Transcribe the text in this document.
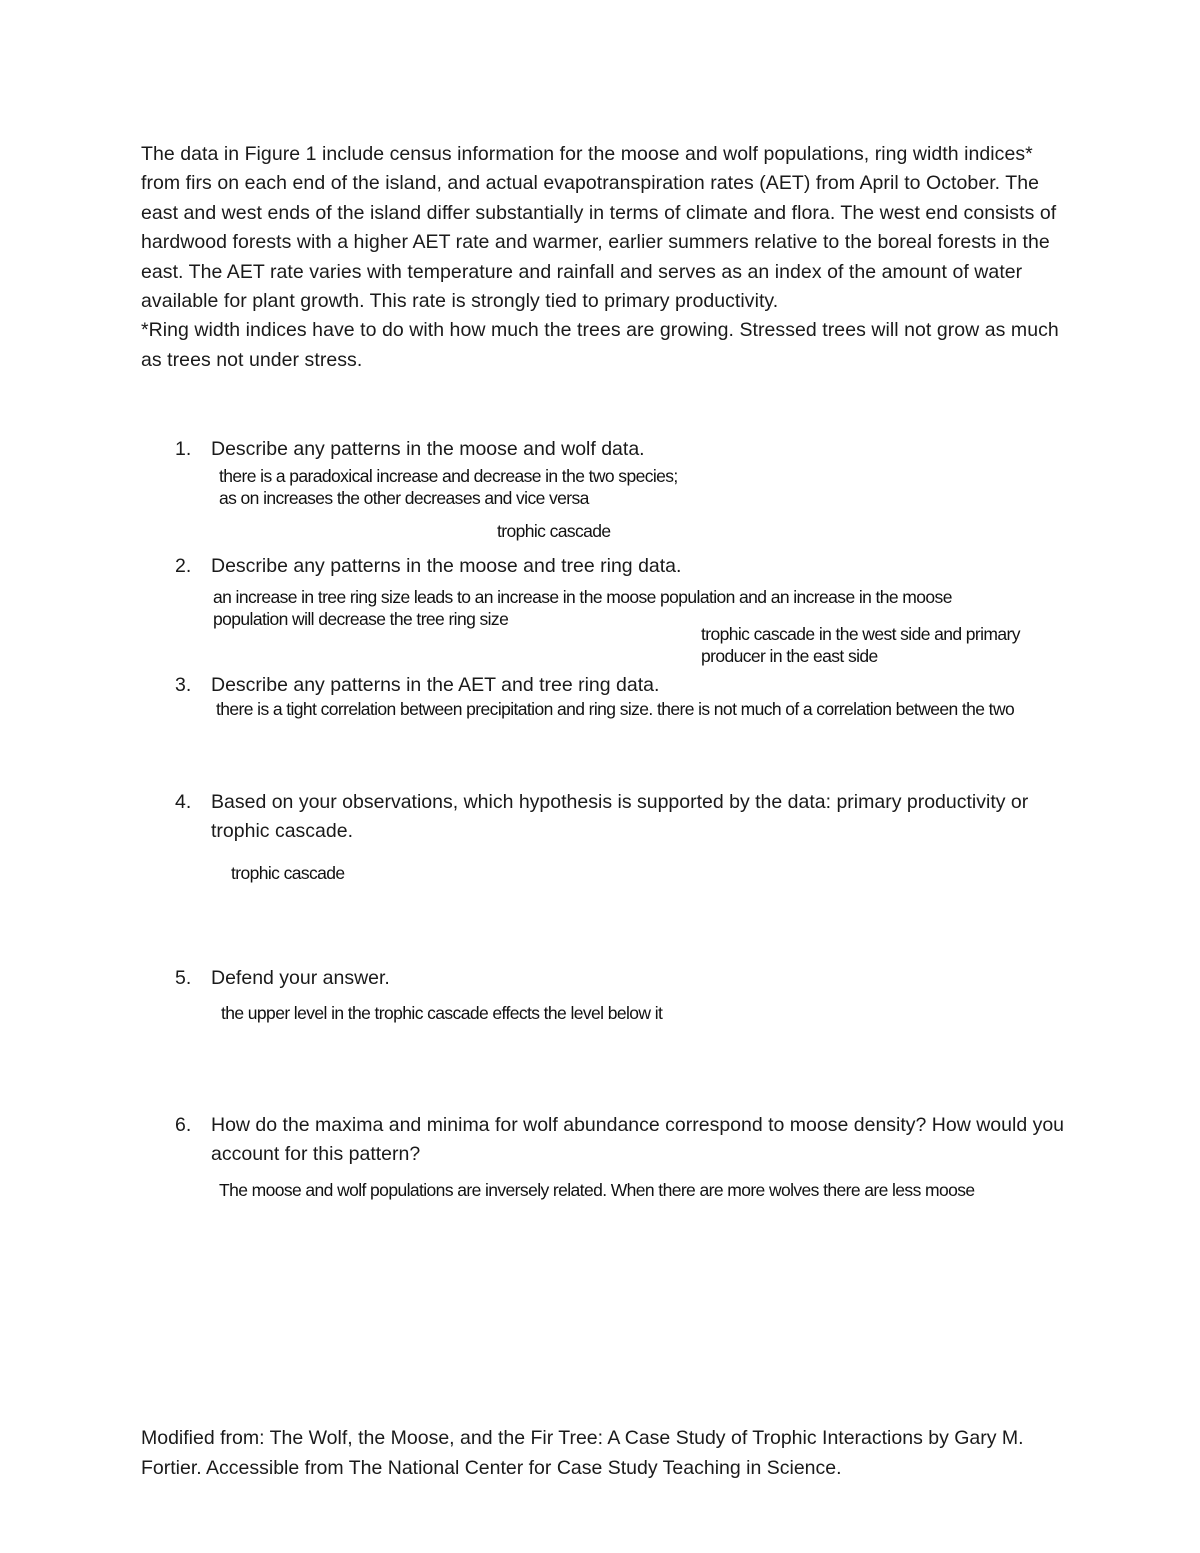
The data in Figure 1 include census information for the moose and wolf populations, ring width indices* from firs on each end of the island, and actual evapotranspiration rates (AET) from April to October. The east and west ends of the island differ substantially in terms of climate and flora. The west end consists of hardwood forests with a higher AET rate and warmer, earlier summers relative to the boreal forests in the east. The AET rate varies with temperature and rainfall and serves as an index of the amount of water available for plant growth. This rate is strongly tied to primary productivity.

*Ring width indices have to do with how much the trees are growing. Stressed trees will not grow as much as trees not under stress.

1. Describe any patterns in the moose and wolf data.
there is a paradoxical increase and decrease in the two species; as on increases the other decreases and vice versa
trophic cascade
2. Describe any patterns in the moose and tree ring data.
an increase in tree ring size leads to an increase in the moose population and an increase in the moose population will decrease the tree ring size
trophic cascade in the west side and primary producer in the east side
3. Describe any patterns in the AET and tree ring data.
there is a tight correlation between precipitation and ring size. there is not much of a correlation between the two
4. Based on your observations, which hypothesis is supported by the data: primary productivity or trophic cascade.
trophic cascade
5. Defend your answer.
the upper level in the trophic cascade effects the level below it
6. How do the maxima and minima for wolf abundance correspond to moose density? How would you account for this pattern?
The moose and wolf populations are inversely related. When there are more wolves there are less moose
Modified from: The Wolf, the Moose, and the Fir Tree: A Case Study of Trophic Interactions by Gary M. Fortier. Accessible from The National Center for Case Study Teaching in Science.
